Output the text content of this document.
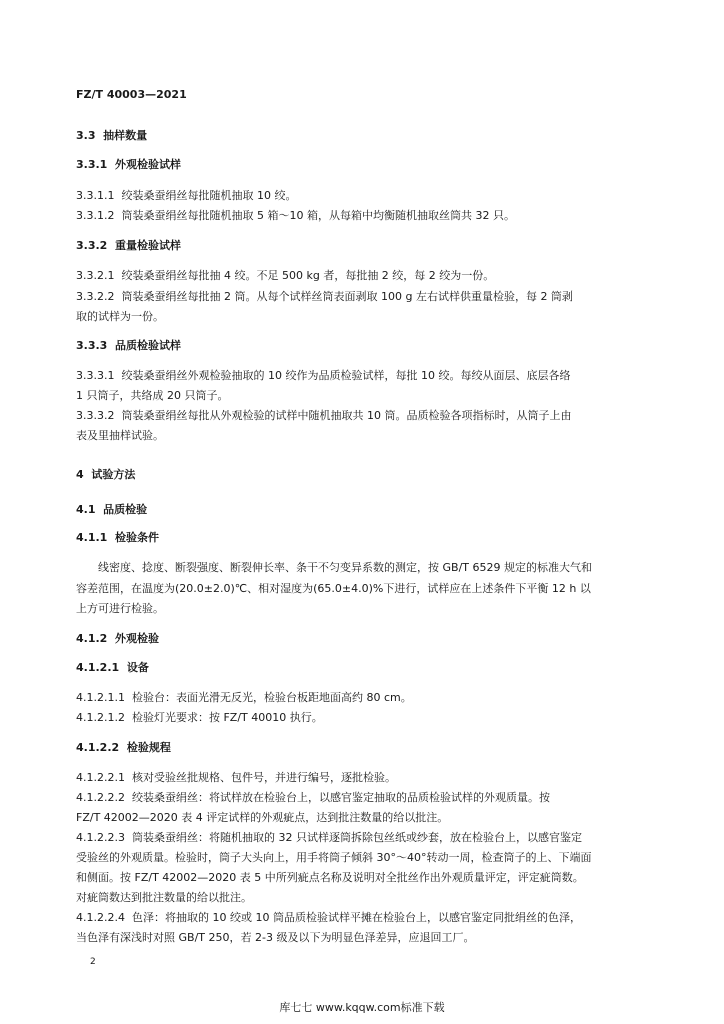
FZ/T 40003—2021
3.3 抽样数量
3.3.1 外观检验试样
3.3.1.1 绞装桑蚕绢丝每批随机抽取 10 绞。
3.3.1.2 筒装桑蚕绢丝每批随机抽取 5 箱～10 箱，从每箱中均衡随机抽取丝筒共 32 只。
3.3.2 重量检验试样
3.3.2.1 绞装桑蚕绢丝每批抽 4 绞。不足 500 kg 者，每批抽 2 绞，每 2 绞为一份。
3.3.2.2 筒装桑蚕绢丝每批抽 2 筒。从每个试样丝筒表面剥取 100 g 左右试样供重量检验，每 2 筒剥
取的试样为一份。
3.3.3 品质检验试样
3.3.3.1 绞装桑蚕绢丝外观检验抽取的 10 绞作为品质检验试样，每批 10 绞。每绞从面层、底层各络
1 只筒子，共络成 20 只筒子。
3.3.3.2 筒装桑蚕绢丝每批从外观检验的试样中随机抽取共 10 筒。品质检验各项指标时，从筒子上由
表及里抽样试验。
4 试验方法
4.1 品质检验
4.1.1 检验条件
线密度、捻度、断裂强度、断裂伸长率、条干不匀变异系数的测定，按 GB/T 6529 规定的标准大气和
容差范围，在温度为(20.0±2.0)℃、相对湿度为(65.0±4.0)%下进行，试样应在上述条件下平衡 12 h 以
上方可进行检验。
4.1.2 外观检验
4.1.2.1 设备
4.1.2.1.1 检验台：表面光滑无反光，检验台板距地面高约 80 cm。
4.1.2.1.2 检验灯光要求：按 FZ/T 40010 执行。
4.1.2.2 检验规程
4.1.2.2.1 核对受验丝批规格、包件号，并进行编号，逐批检验。
4.1.2.2.2 绞装桑蚕绢丝：将试样放在检验台上，以感官鉴定抽取的品质检验试样的外观质量。按
FZ/T 42002—2020 表 4 评定试样的外观疵点，达到批注数量的给以批注。
4.1.2.2.3 筒装桑蚕绢丝：将随机抽取的 32 只试样逐筒拆除包丝纸或纱套，放在检验台上，以感官鉴定
受验丝的外观质量。检验时，筒子大头向上，用手将筒子倾斜 30°～40°转动一周，检查筒子的上、下端面
和侧面。按 FZ/T 42002—2020 表 5 中所列疵点名称及说明对全批丝作出外观质量评定，评定疵筒数。
对疵筒数达到批注数量的给以批注。
4.1.2.2.4 色泽：将抽取的 10 绞或 10 筒品质检验试样平摊在检验台上，以感官鉴定同批绢丝的色泽，
当色泽有深浅时对照 GB/T 250，若 2-3 级及以下为明显色泽差异，应退回工厂。
2
库七七 www.kqqw.com标准下载
